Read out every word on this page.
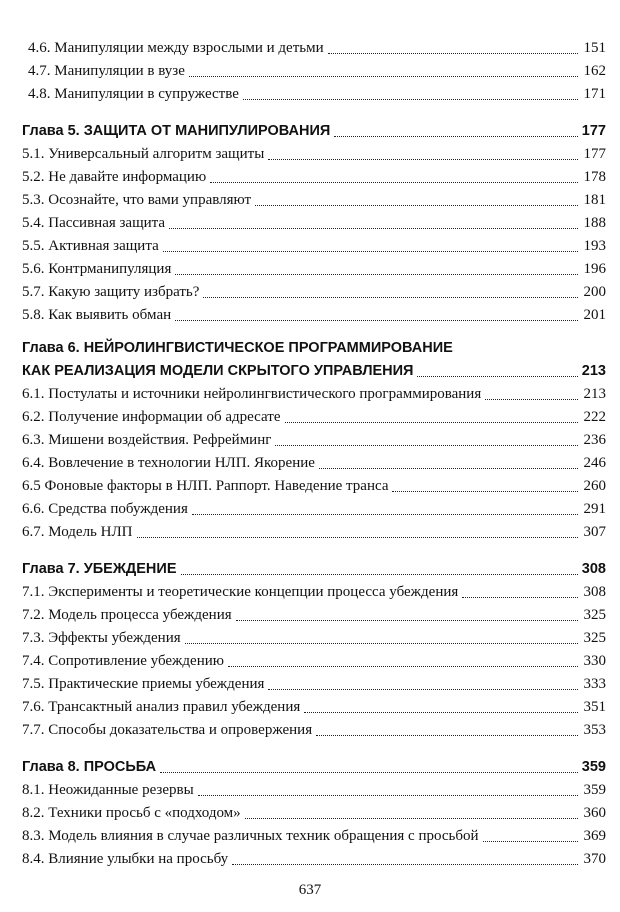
4.6. Манипуляции между взрослыми и детьми	151
4.7. Манипуляции в вузе	162
4.8. Манипуляции в супружестве	171
Глава 5. ЗАЩИТА ОТ МАНИПУЛИРОВАНИЯ	177
5.1. Универсальный алгоритм защиты	177
5.2. Не давайте информацию	178
5.3. Осознайте, что вами управляют	181
5.4. Пассивная защита	188
5.5. Активная защита	193
5.6. Контрманипуляция	196
5.7. Какую защиту избрать?	200
5.8. Как выявить обман	201
Глава 6. НЕЙРОЛИНГВИСТИЧЕСКОЕ ПРОГРАММИРОВАНИЕ
КАК РЕАЛИЗАЦИЯ МОДЕЛИ СКРЫТОГО УПРАВЛЕНИЯ	213
6.1. Постулаты и источники нейролингвистического программирования	213
6.2. Получение информации об адресате	222
6.3. Мишени воздействия. Рефрейминг	236
6.4. Вовлечение в технологии НЛП. Якорение	246
6.5 Фоновые факторы в НЛП. Раппорт. Наведение транса	260
6.6. Средства побуждения	291
6.7. Модель НЛП	307
Глава 7. УБЕЖДЕНИЕ	308
7.1. Эксперименты и теоретические концепции процесса убеждения	308
7.2. Модель процесса убеждения	325
7.3. Эффекты убеждения	325
7.4. Сопротивление убеждению	330
7.5. Практические приемы убеждения	333
7.6. Трансактный анализ правил убеждения	351
7.7. Способы доказательства и опровержения	353
Глава 8. ПРОСЬБА	359
8.1. Неожиданные резервы	359
8.2. Техники просьб с «подходом»	360
8.3. Модель влияния в случае различных техник обращения с просьбой	369
8.4. Влияние улыбки на просьбу	370
637
